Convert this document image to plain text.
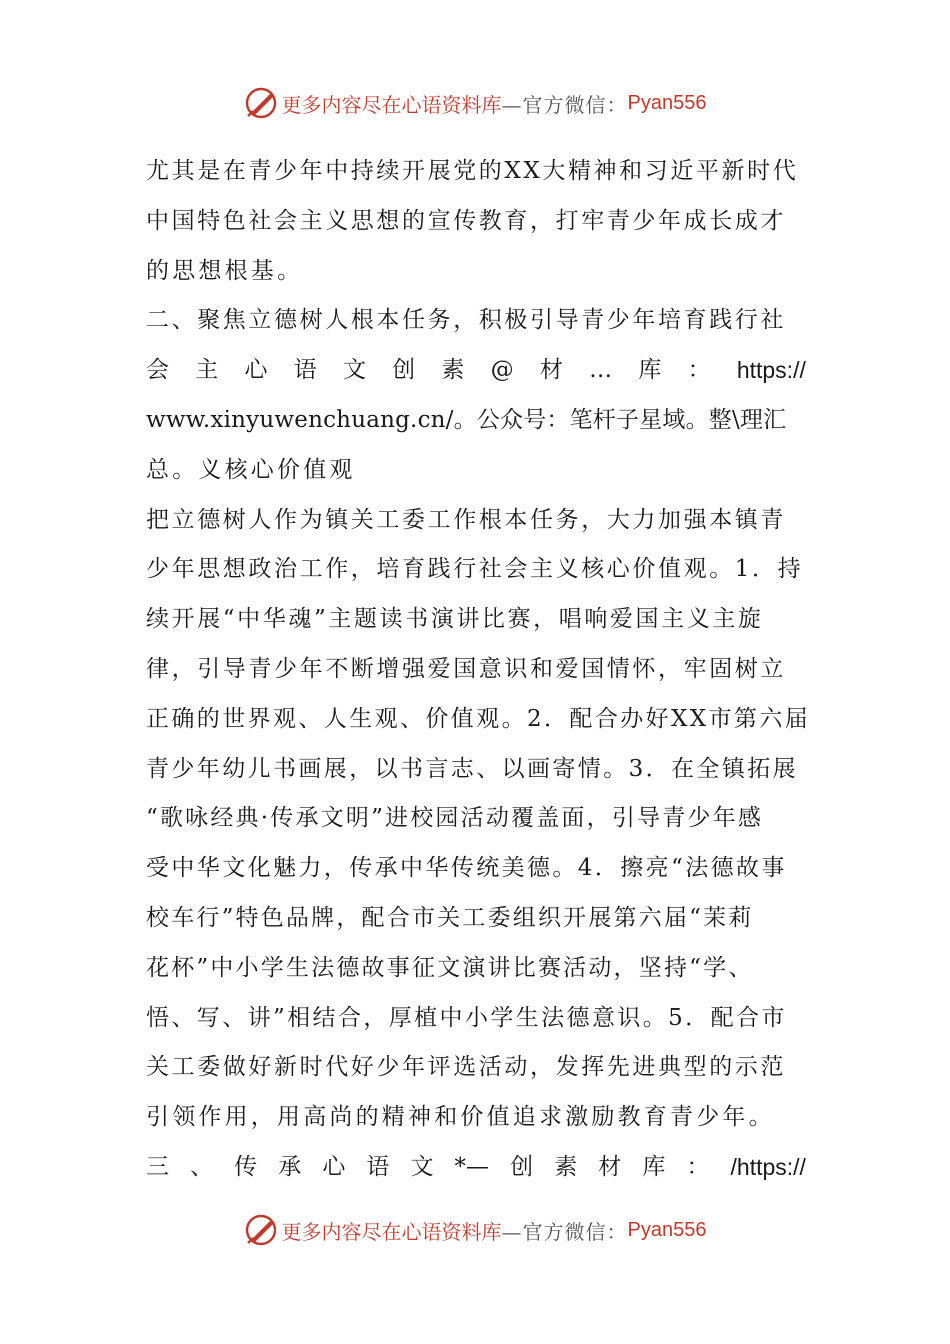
更多内容尽在心语资料库 —官方微信： Pyan556
尤其是在青少年中持续开展党的XX大精神和习近平新时代
中国特色社会主义思想的宣传教育，打牢青少年成长成才
的思想根基。
二、聚焦立德树人根本任务，积极引导青少年培育践行社
会 主 心 语 文 创 素 @ 材 … 库 ： https://
www.xinyuwenchuang.cn/。公众号：笔杆子星域。整\理汇
总。义核心价值观
把立德树人作为镇关工委工作根本任务，大力加强本镇青
少年思想政治工作，培育践行社会主义核心价值观。1．持
续开展“中华魂”主题读书演讲比赛，唱响爱国主义主旋
律，引导青少年不断增强爱国意识和爱国情怀，牢固树立
正确的世界观、人生观、价值观。2．配合办好XX市第六届
青少年幼儿书画展，以书言志、以画寄情。3．在全镇拓展
“歌咏经典·传承文明”进校园活动覆盖面，引导青少年感
受中华文化魅力，传承中华传统美德。4．擦亮“法德故事
校车行”特色品牌，配合市关工委组织开展第六届“茉莉
花杯”中小学生法德故事征文演讲比赛活动，坚持“学、
悟、写、讲”相结合，厚植中小学生法德意识。5．配合市
关工委做好新时代好少年评选活动，发挥先进典型的示范
引领作用，用高尚的精神和价值追求激励教育青少年。
三 、 传 承 心 语 文 *— 创 素 材 库 ： /https://
更多内容尽在心语资料库 —官方微信： Pyan556
